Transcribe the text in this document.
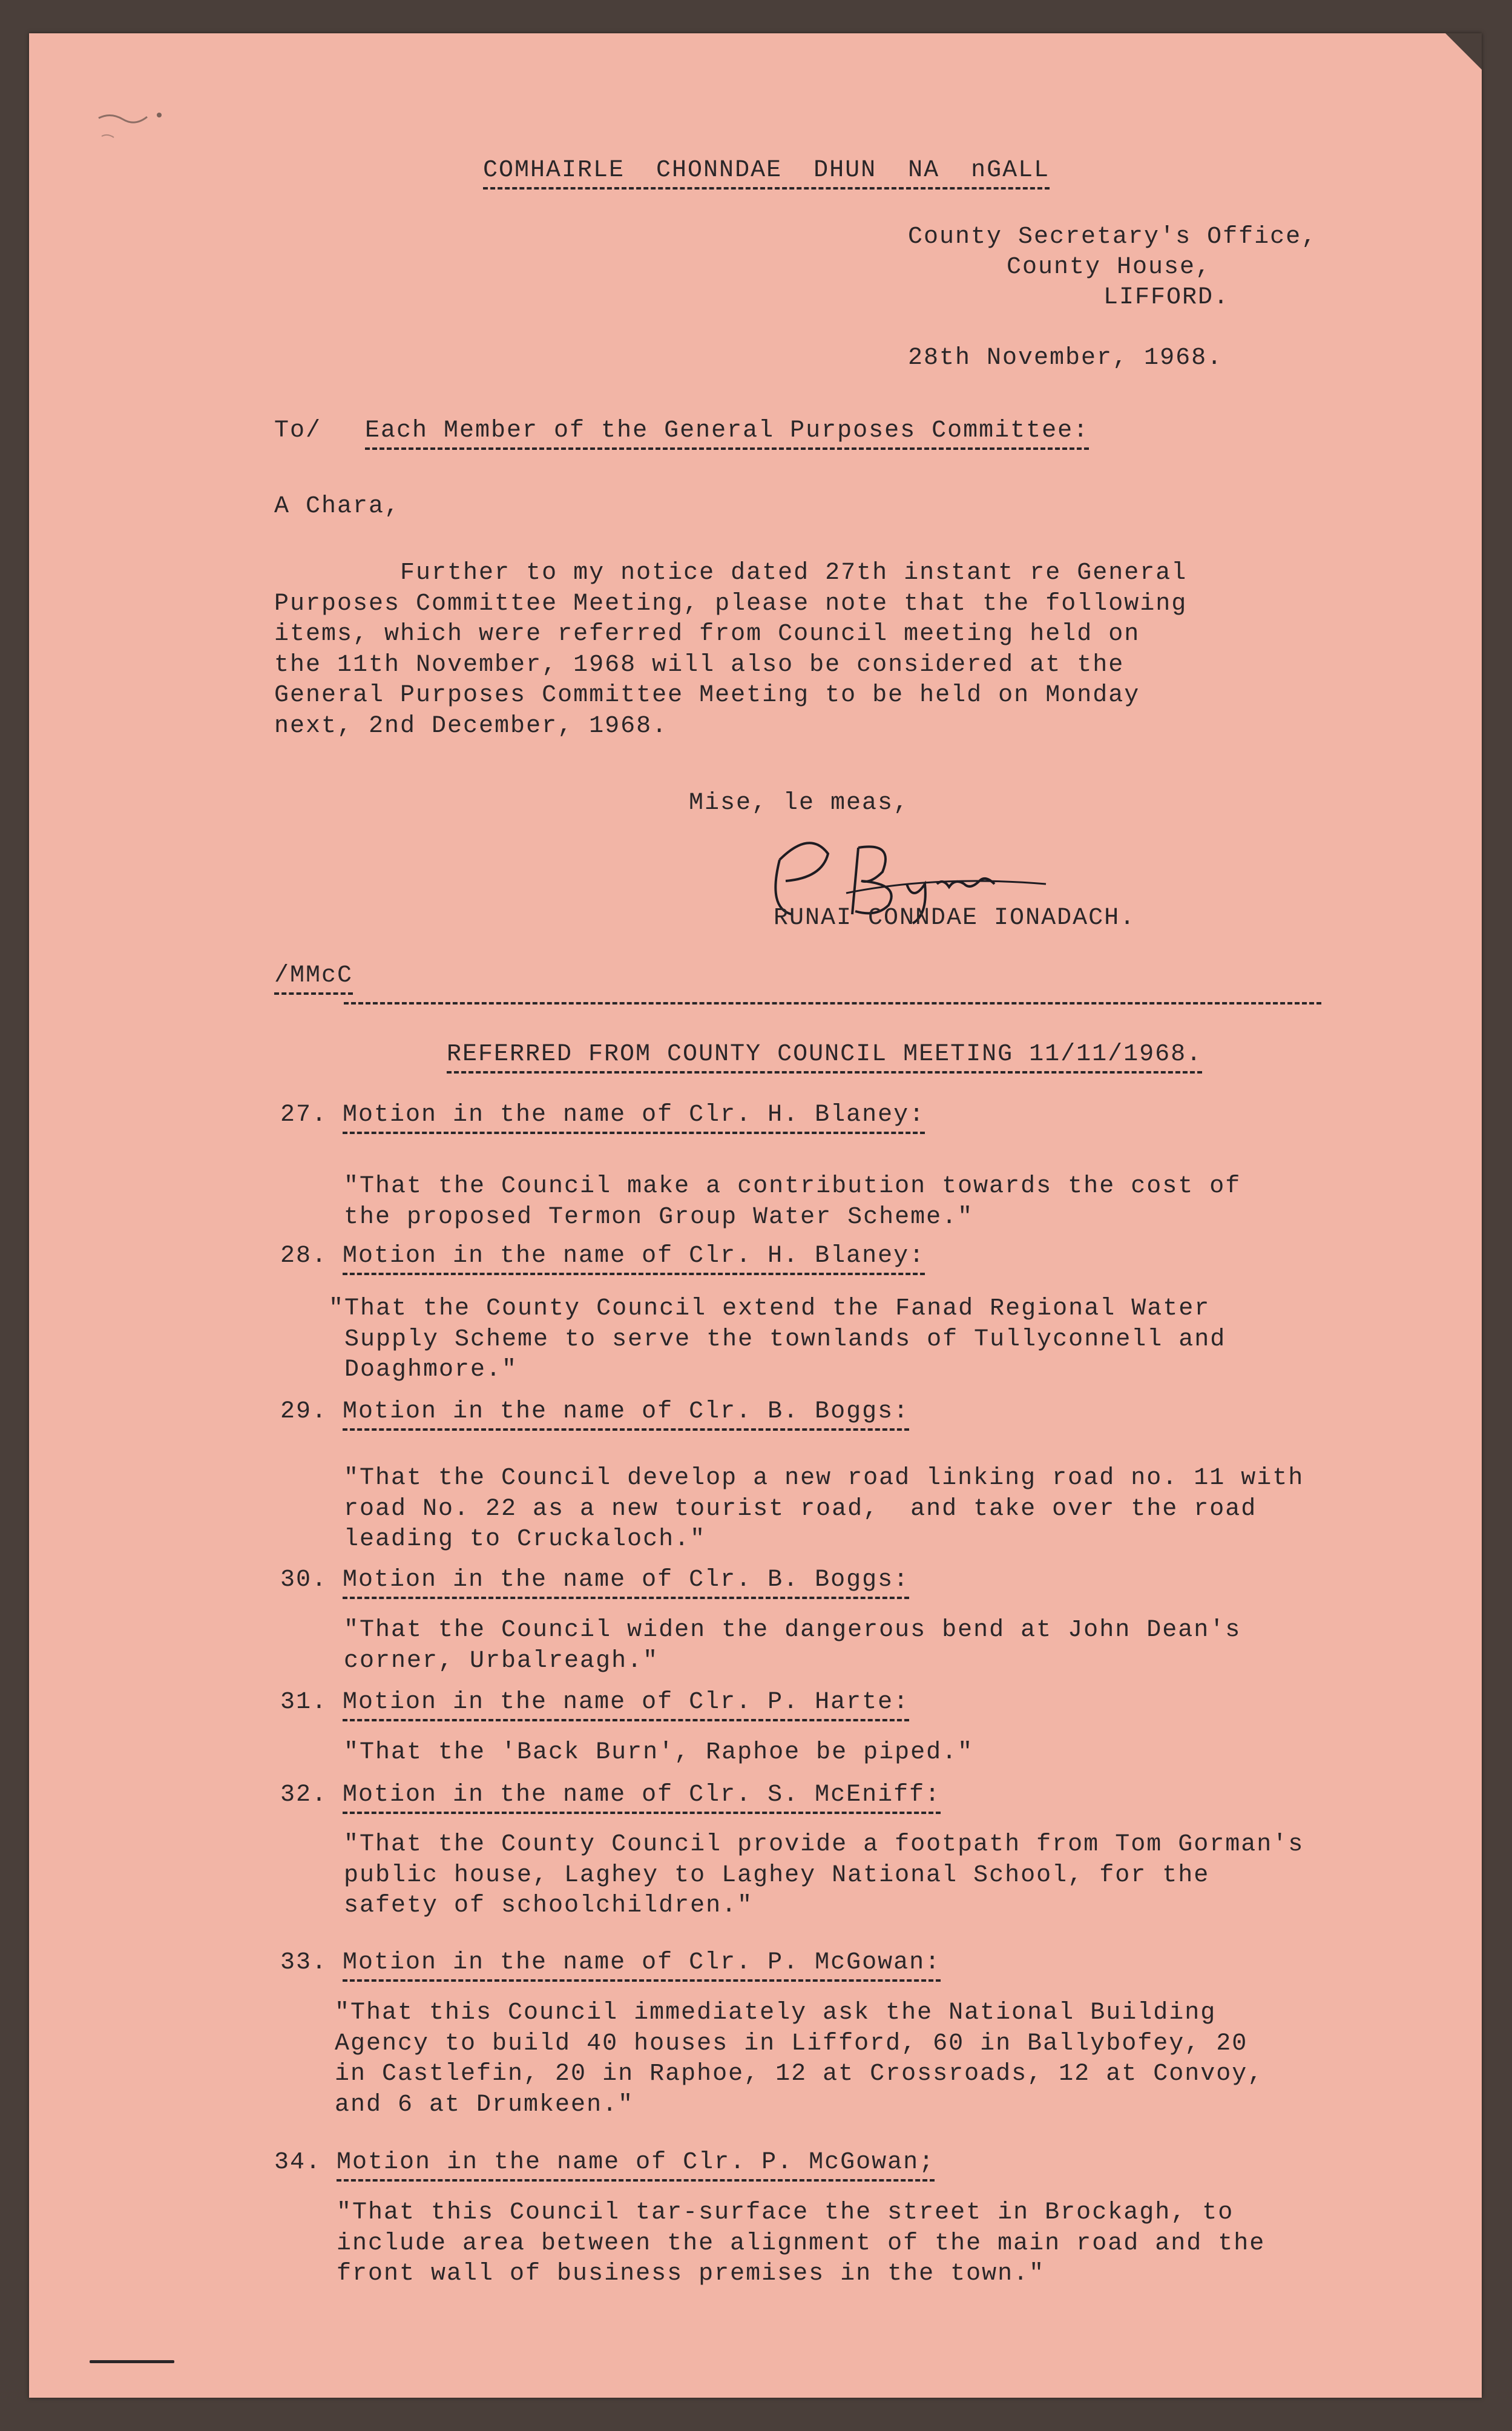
COMHAIRLE  CHONNDAE  DHUN  NA  nGALL
County Secretary's Office,
County House,
LIFFORD.
28th November, 1968.
To/ Each Member of the General Purposes Committee:
A Chara,
Further to my notice dated 27th instant re General
Purposes Committee Meeting, please note that the following
items, which were referred from Council meeting held on
the 11th November, 1968 will also be considered at the
General Purposes Committee Meeting to be held on Monday
next, 2nd December, 1968.
Mise, le meas,
RUNAI CONNDAE IONADACH.
/MMcC
REFERRED FROM COUNTY COUNCIL MEETING 11/11/1968.
27. Motion in the name of Clr. H. Blaney:
"That the Council make a contribution towards the cost of
the proposed Termon Group Water Scheme."
28. Motion in the name of Clr. H. Blaney:
"That the County Council extend the Fanad Regional Water
Supply Scheme to serve the townlands of Tullyconnell and
Doaghmore."
29. Motion in the name of Clr. B. Boggs:
"That the Council develop a new road linking road no. 11 with
road No. 22 as a new tourist road,  and take over the road
leading to Cruckaloch."
30. Motion in the name of Clr. B. Boggs:
"That the Council widen the dangerous bend at John Dean's
corner, Urbalreagh."
31. Motion in the name of Clr. P. Harte:
"That the 'Back Burn', Raphoe be piped."
32. Motion in the name of Clr. S. McEniff:
"That the County Council provide a footpath from Tom Gorman's
public house, Laghey to Laghey National School, for the
safety of schoolchildren."
33. Motion in the name of Clr. P. McGowan:
"That this Council immediately ask the National Building
Agency to build 40 houses in Lifford, 60 in Ballybofey, 20
in Castlefin, 20 in Raphoe, 12 at Crossroads, 12 at Convoy,
and 6 at Drumkeen."
34. Motion in the name of Clr. P. McGowan;
"That this Council tar-surface the street in Brockagh, to
include area between the alignment of the main road and the
front wall of business premises in the town."
